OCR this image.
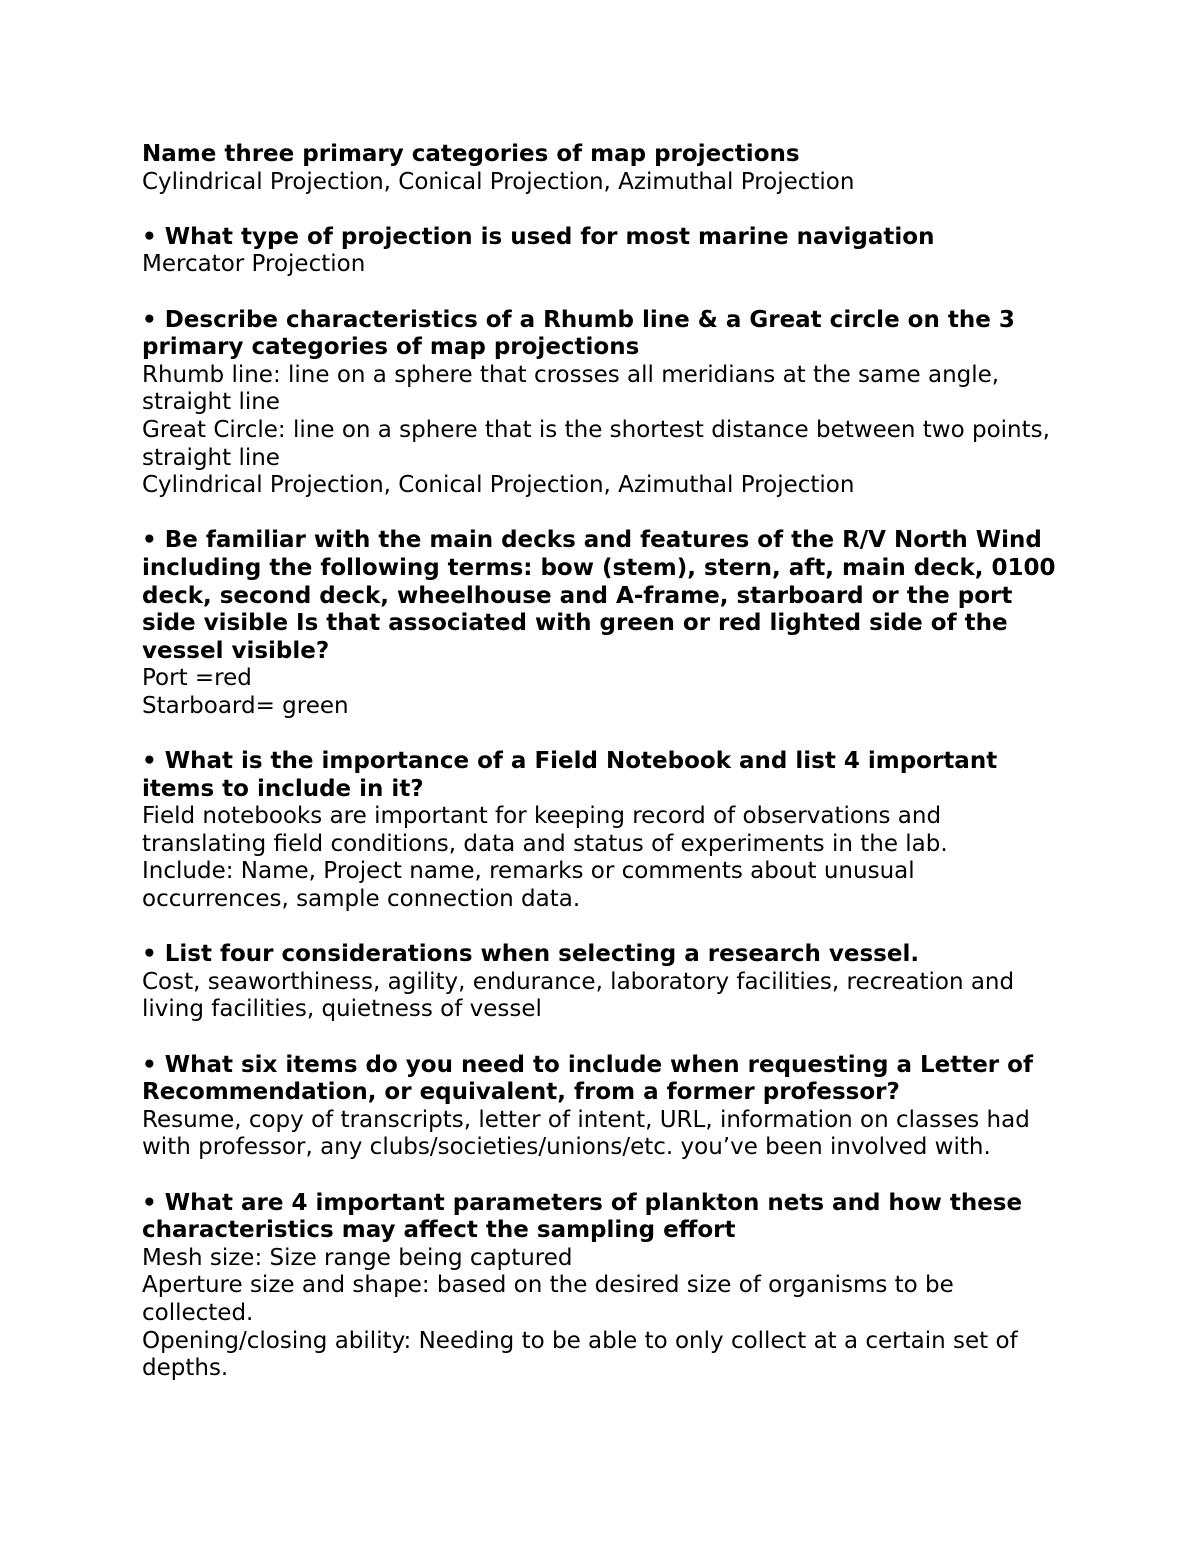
Name three primary categories of map projections

Cylindrical Projection, Conical Projection, Azimuthal Projection

• What type of projection is used for most marine navigation

Mercator Projection

• Describe characteristics of a Rhumb line & a Great circle on the 3 primary categories of map projections

Rhumb line: line on a sphere that crosses all meridians at the same angle, straight line

Great Circle: line on a sphere that is the shortest distance between two points, straight line

Cylindrical Projection, Conical Projection, Azimuthal Projection

• Be familiar with the main decks and features of the R/V North Wind including the following terms: bow (stem), stern, aft, main deck, 0100 deck, second deck, wheelhouse and A-frame, starboard or the port side visible Is that associated with green or red lighted side of the vessel visible?

Port =red

Starboard= green

• What is the importance of a Field Notebook and list 4 important items to include in it?

Field notebooks are important for keeping record of observations and translating field conditions, data and status of experiments in the lab.

Include: Name, Project name, remarks or comments about unusual occurrences, sample connection data.

• List four considerations when selecting a research vessel.

Cost, seaworthiness, agility, endurance, laboratory facilities, recreation and living facilities, quietness of vessel

• What six items do you need to include when requesting a Letter of Recommendation, or equivalent, from a former professor?

Resume, copy of transcripts, letter of intent, URL, information on classes had with professor, any clubs/societies/unions/etc. you’ve been involved with.

• What are 4 important parameters of plankton nets and how these characteristics may affect the sampling effort

Mesh size: Size range being captured

Aperture size and shape: based on the desired size of organisms to be collected.

Opening/closing ability: Needing to be able to only collect at a certain set of depths.
